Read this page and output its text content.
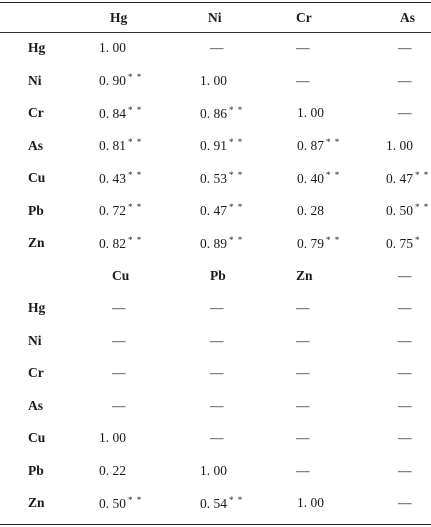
	Hg	Ni	Cr	As
Hg	1. 00	—	—	—
Ni	0. 90 * *	1. 00	—	—
Cr	0. 84 * *	0. 86 * *	1. 00	—
As	0. 81 * *	0. 91 * *	0. 87 * *	1. 00
Cu	0. 43 * *	0. 53 * *	0. 40 * *	0. 47 * *
Pb	0. 72 * *	0. 47 * *	0. 28	0. 50 * *
Zn	0. 82 * *	0. 89 * *	0. 79 * *	0. 75 *
	Cu	Pb	Zn	—
Hg	—	—	—	—
Ni	—	—	—	—
Cr	—	—	—	—
As	—	—	—	—
Cu	1. 00	—	—	—
Pb	0. 22	1. 00	—	—
Zn	0. 50 * *	0. 54 * *	1. 00	—
